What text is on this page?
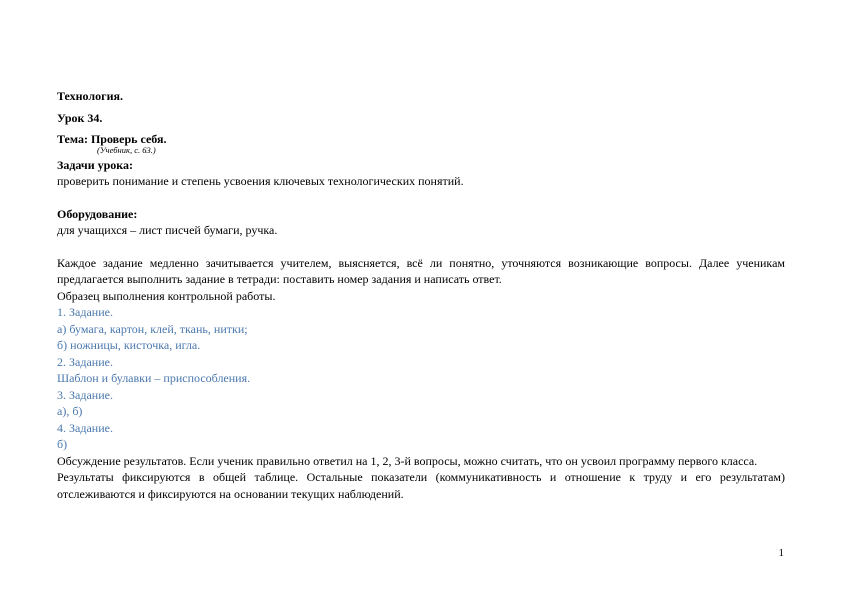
Технология.

Урок 34.

Тема: Проверь себя.

(Учебник, с. 63.)

Задачи урока:

проверить понимание и степень усвоения ключевых технологических понятий.

Оборудование:

для учащихся – лист писчей бумаги, ручка.

Каждое задание медленно зачитывается учителем, выясняется, всё ли понятно, уточняются возникающие вопросы. Далее ученикам предлагается выполнить задание в тетради: поставить номер задания и написать ответ.

Образец выполнения контрольной работы.

1. Задание.

а) бумага, картон, клей, ткань, нитки;

б) ножницы, кисточка, игла.

2. Задание.

Шаблон и булавки – приспособления.

3. Задание.

а), б)

4. Задание.

б)

Обсуждение результатов. Если ученик правильно ответил на 1, 2, 3-й вопросы, можно считать, что он усвоил программу первого класса.

Результаты фиксируются в общей таблице. Остальные показатели (коммуникативность и отношение к труду и его результатам) отслеживаются и фиксируются на основании текущих наблюдений.

1
